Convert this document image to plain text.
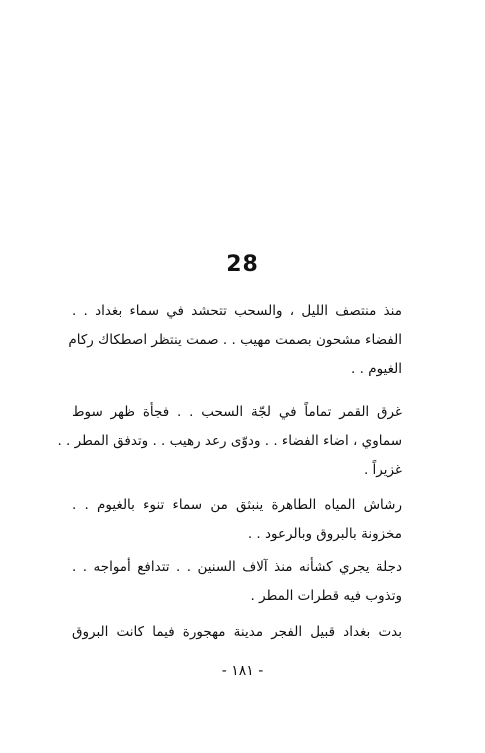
28
منذ منتصف الليل ، والسحب تتحشد في سماء بغداد . .
الفضاء مشحون بصمت مهيب . . صمت ينتظر اصطكاك ركام
الغيوم . .
غرق القمر تماماً في لجّة السحب . . فجأة ظهر سوط
سماوي ، اضاء الفضاء . . ودوّى رعد رهيب . . وتدفق المطر . .
غزيراً .
رشاش المياه الطاهرة ينبثق من سماء تنوء بالغيوم . .
مخزونة بالبروق وبالرعود . .
دجلة يجري كشأنه منذ آلاف السنين . . تتدافع أمواجه . .
وتذوب فيه قطرات المطر .
بدت بغداد قبيل الفجر مدينة مهجورة فيما كانت البروق
- ١٨١ -
